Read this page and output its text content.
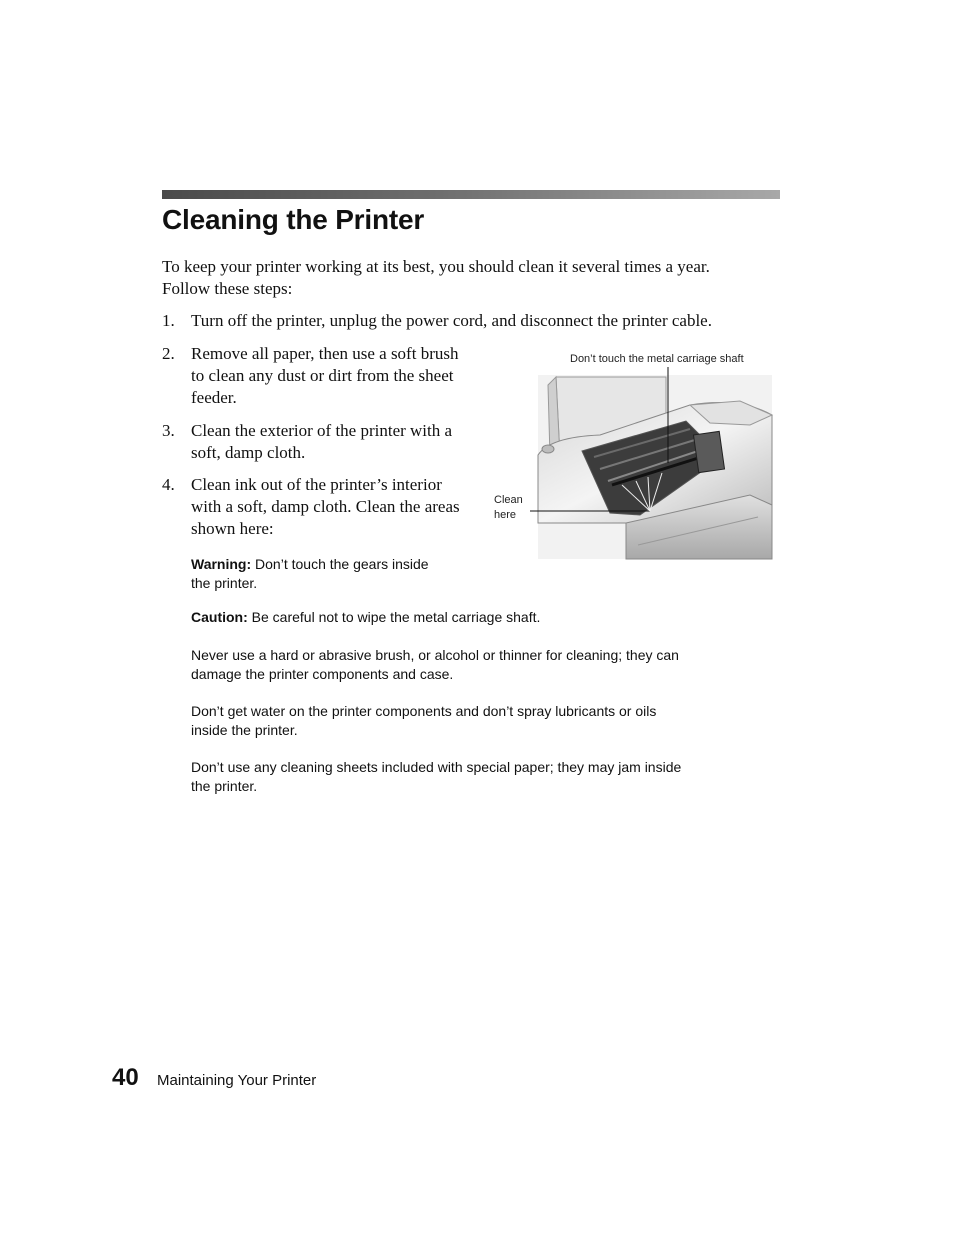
Cleaning the Printer

To keep your printer working at its best, you should clean it several times a year. Follow these steps:

1. Turn off the printer, unplug the power cord, and disconnect the printer cable.
2. Remove all paper, then use a soft brush
to clean any dust or dirt from the sheet
feeder.
3. Clean the exterior of the printer with a
soft, damp cloth.
4. Clean ink out of the printer’s interior
with a soft, damp cloth. Clean the areas
shown here:
Don’t touch the metal carriage shaft
Clean
here
Warning: Don’t touch the gears inside
the printer.
Caution: Be careful not to wipe the metal carriage shaft.
Never use a hard or abrasive brush, or alcohol or thinner for cleaning; they can
damage the printer components and case.
Don’t get water on the printer components and don’t spray lubricants or oils
inside the printer.
Don’t use any cleaning sheets included with special paper; they may jam inside
the printer.
40 Maintaining Your Printer
